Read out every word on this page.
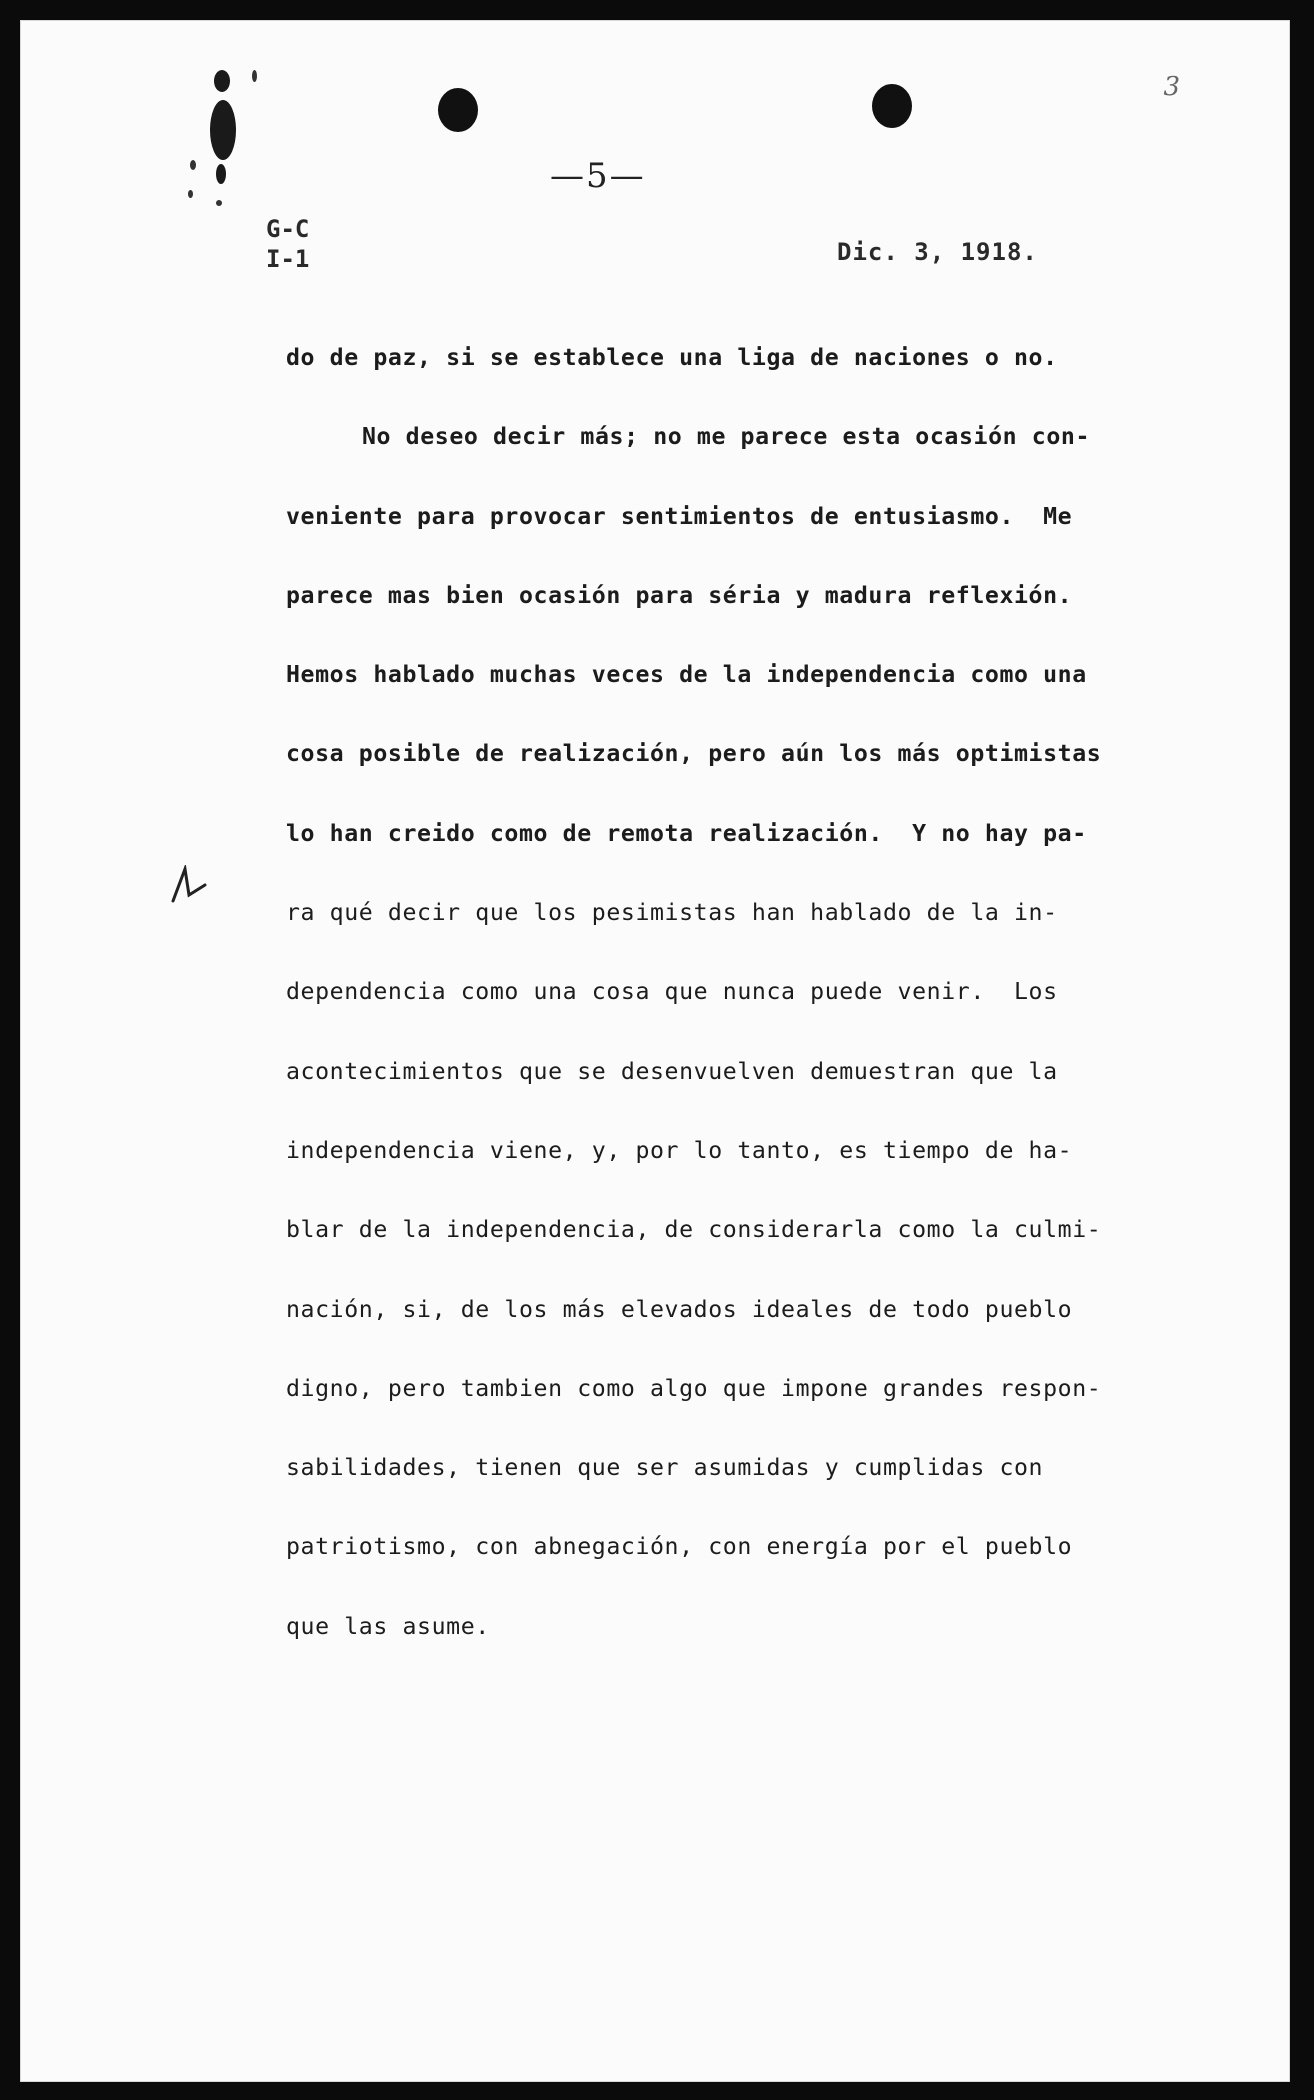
3
—5—
G-C
I-1	Dic. 3, 1918.
do de paz, si se establece una liga de naciones o no.
No deseo decir más; no me parece esta ocasión con-
veniente para provocar sentimientos de entusiasmo.  Me
parece mas bien ocasión para séria y madura reflexión.
Hemos hablado muchas veces de la independencia como una
cosa posible de realización, pero aún los más optimistas
lo han creido como de remota realización.  Y no hay pa-
ra qué decir que los pesimistas han hablado de la in-
dependencia como una cosa que nunca puede venir.  Los
acontecimientos que se desenvuelven demuestran que la
independencia viene, y, por lo tanto, es tiempo de ha-
blar de la independencia, de considerarla como la culmi-
nación, si, de los más elevados ideales de todo pueblo
digno, pero tambien como algo que impone grandes respon-
sabilidades, tienen que ser asumidas y cumplidas con
patriotismo, con abnegación, con energía por el pueblo
que las asume.
